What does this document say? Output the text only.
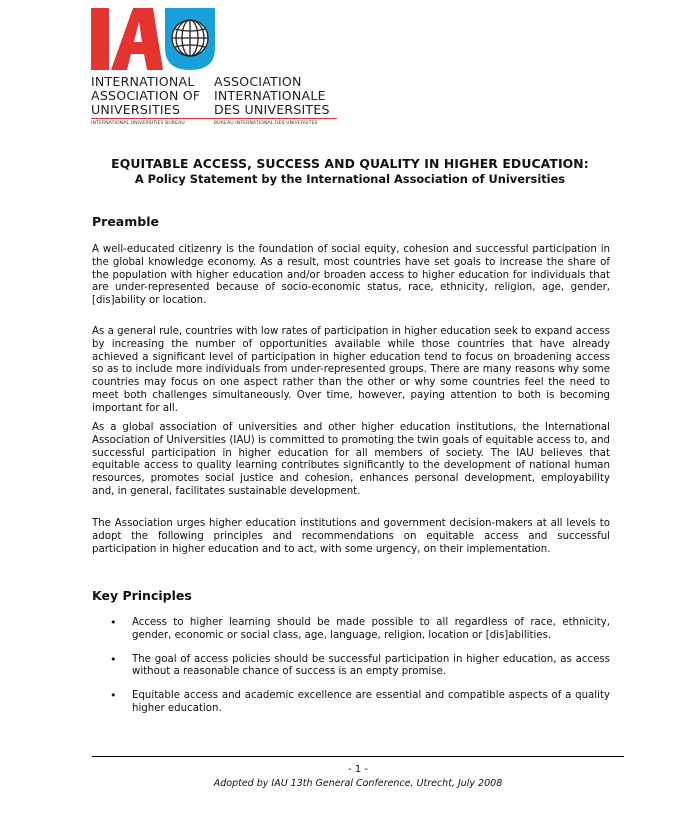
INTERNATIONAL	ASSOCIATION
ASSOCIATION OF	INTERNATIONALE
UNIVERSITIES	DES UNIVERSITES
INTERNATIONAL UNIVERSITIES BUREAU	BUREAU INTERNATIONAL DES UNIVERSITES
EQUITABLE ACCESS, SUCCESS AND QUALITY IN HIGHER EDUCATION:
A Policy Statement by the International Association of Universities
Preamble
A well-educated citizenry is the foundation of social equity, cohesion and successful participation in the global knowledge economy. As a result, most countries have set goals to increase the share of the population with higher education and/or broaden access to higher education for individuals that are under-represented because of socio-economic status, race, ethnicity, religion, age, gender, [dis]ability or location.
As a general rule, countries with low rates of participation in higher education seek to expand access by increasing the number of opportunities available while those countries that have already achieved a significant level of participation in higher education tend to focus on broadening access so as to include more individuals from under-represented groups. There are many reasons why some countries may focus on one aspect rather than the other or why some countries feel the need to meet both challenges simultaneously. Over time, however, paying attention to both is becoming important for all.
As a global association of universities and other higher education institutions, the International Association of Universities (IAU) is committed to promoting the twin goals of equitable access to, and successful participation in higher education for all members of society. The IAU believes that equitable access to quality learning contributes significantly to the development of national human resources, promotes social justice and cohesion, enhances personal development, employability and, in general, facilitates sustainable development.
The Association urges higher education institutions and government decision-makers at all levels to adopt the following principles and recommendations on equitable access and successful participation in higher education and to act, with some urgency, on their implementation.
Key Principles
• Access to higher learning should be made possible to all regardless of race, ethnicity, gender, economic or social class, age, language, religion, location or [dis]abilities.
• The goal of access policies should be successful participation in higher education, as access without a reasonable chance of success is an empty promise.
• Equitable access and academic excellence are essential and compatible aspects of a quality higher education.
- 1 -
Adopted by IAU 13th General Conference, Utrecht, July 2008
